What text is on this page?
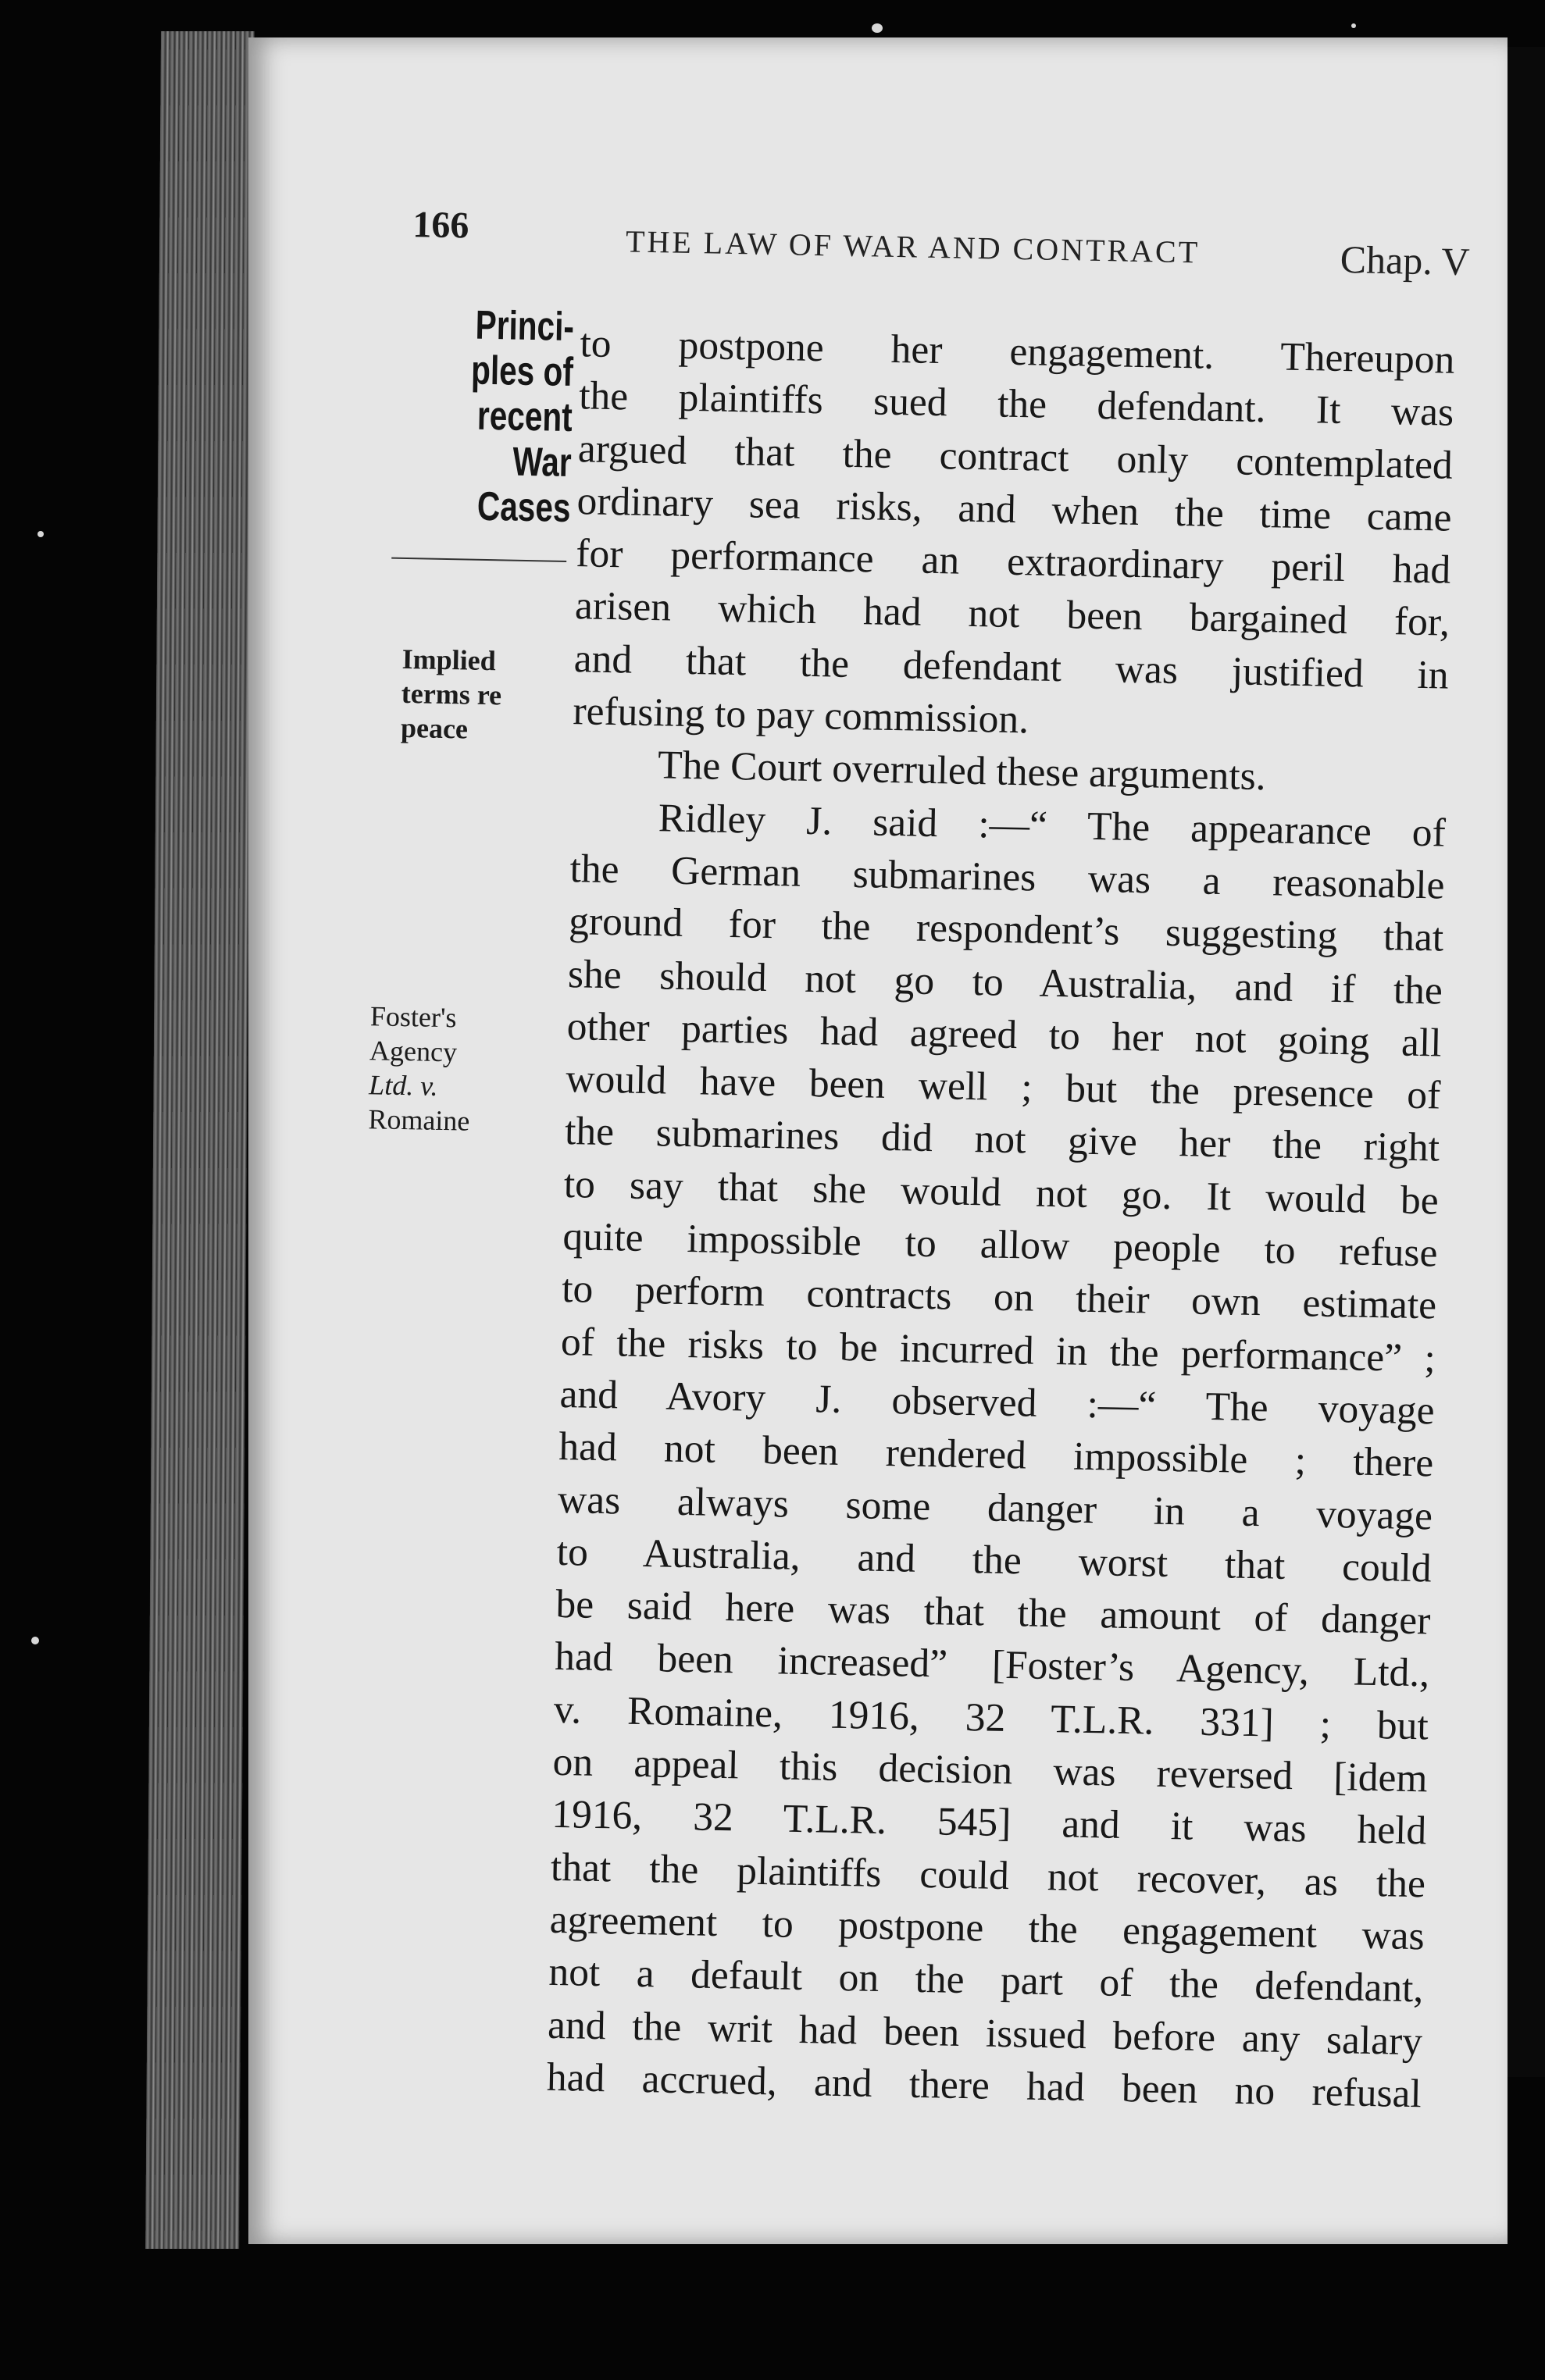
166	THE LAW OF WAR AND CONTRACT	Chap. V
Princi-
ples of
recent
War
Cases
Implied
terms re
peace
Foster's
Agency
Ltd. v.
Romaine
to postpone her engagement. Thereupon
the plaintiffs sued the defendant. It was
argued that the contract only contemplated
ordinary sea risks, and when the time came
for performance an extraordinary peril had
arisen which had not been bargained for,
and that the defendant was justified in
refusing to pay commission.
The Court overruled these arguments.
Ridley J. said :—“ The appearance of
the German submarines was a reasonable
ground for the respondent’s suggesting that
she should not go to Australia, and if the
other parties had agreed to her not going all
would have been well ; but the presence of
the submarines did not give her the right
to say that she would not go. It would be
quite impossible to allow people to refuse
to perform contracts on their own estimate
of the risks to be incurred in the performance” ;
and Avory J. observed :—“ The voyage
had not been rendered impossible ; there
was always some danger in a voyage
to Australia, and the worst that could
be said here was that the amount of danger
had been increased” [Foster’s Agency, Ltd.,
v. Romaine, 1916, 32 T.L.R. 331] ; but
on appeal this decision was reversed [idem
1916, 32 T.L.R. 545] and it was held
that the plaintiffs could not recover, as the
agreement to postpone the engagement was
not a default on the part of the defendant,
and the writ had been issued before any salary
had accrued, and there had been no refusal
